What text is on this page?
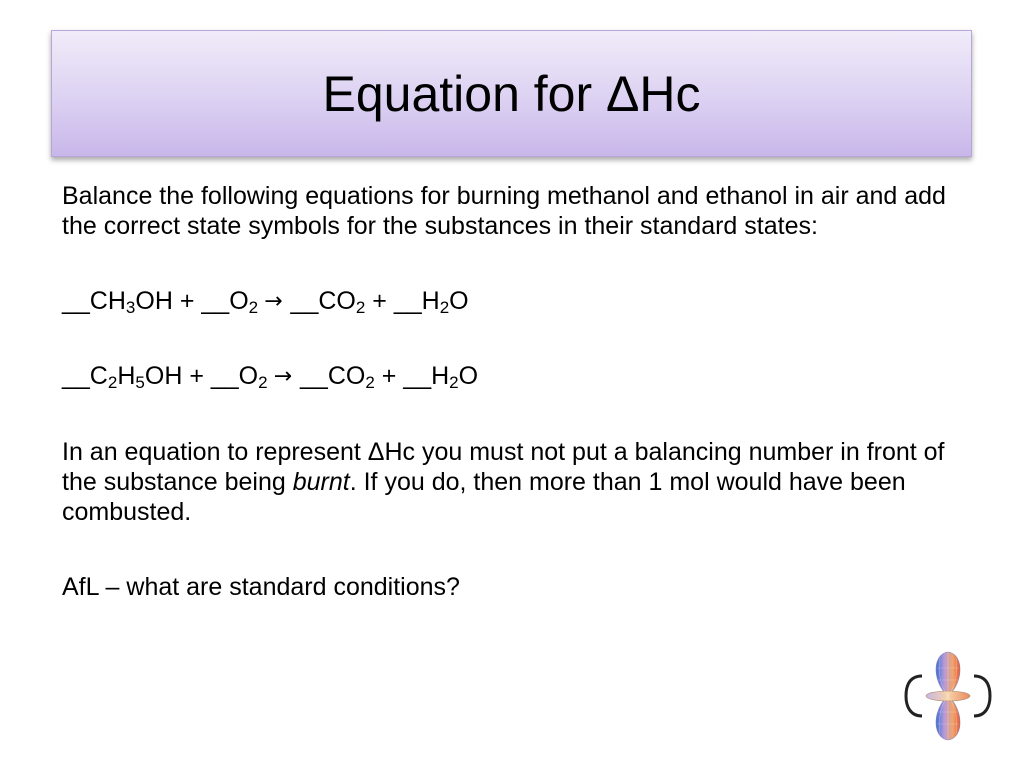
Equation for ΔHc

Balance the following equations for burning methanol and ethanol in air and add the correct state symbols for the substances in their standard states:

$\_\_CH_3OH$ + $\_\_O_2$ → $\_\_CO_2$ + $\_\_H_2O$

$\_\_C_2H_5OH$ + $\_\_O_2$ → $\_\_CO_2$ + $\_\_H_2O$

In an equation to represent ΔHc you must not put a balancing number in front of the substance being burnt. If you do, then more than 1 mol would have been combusted.

AfL – what are standard conditions?
